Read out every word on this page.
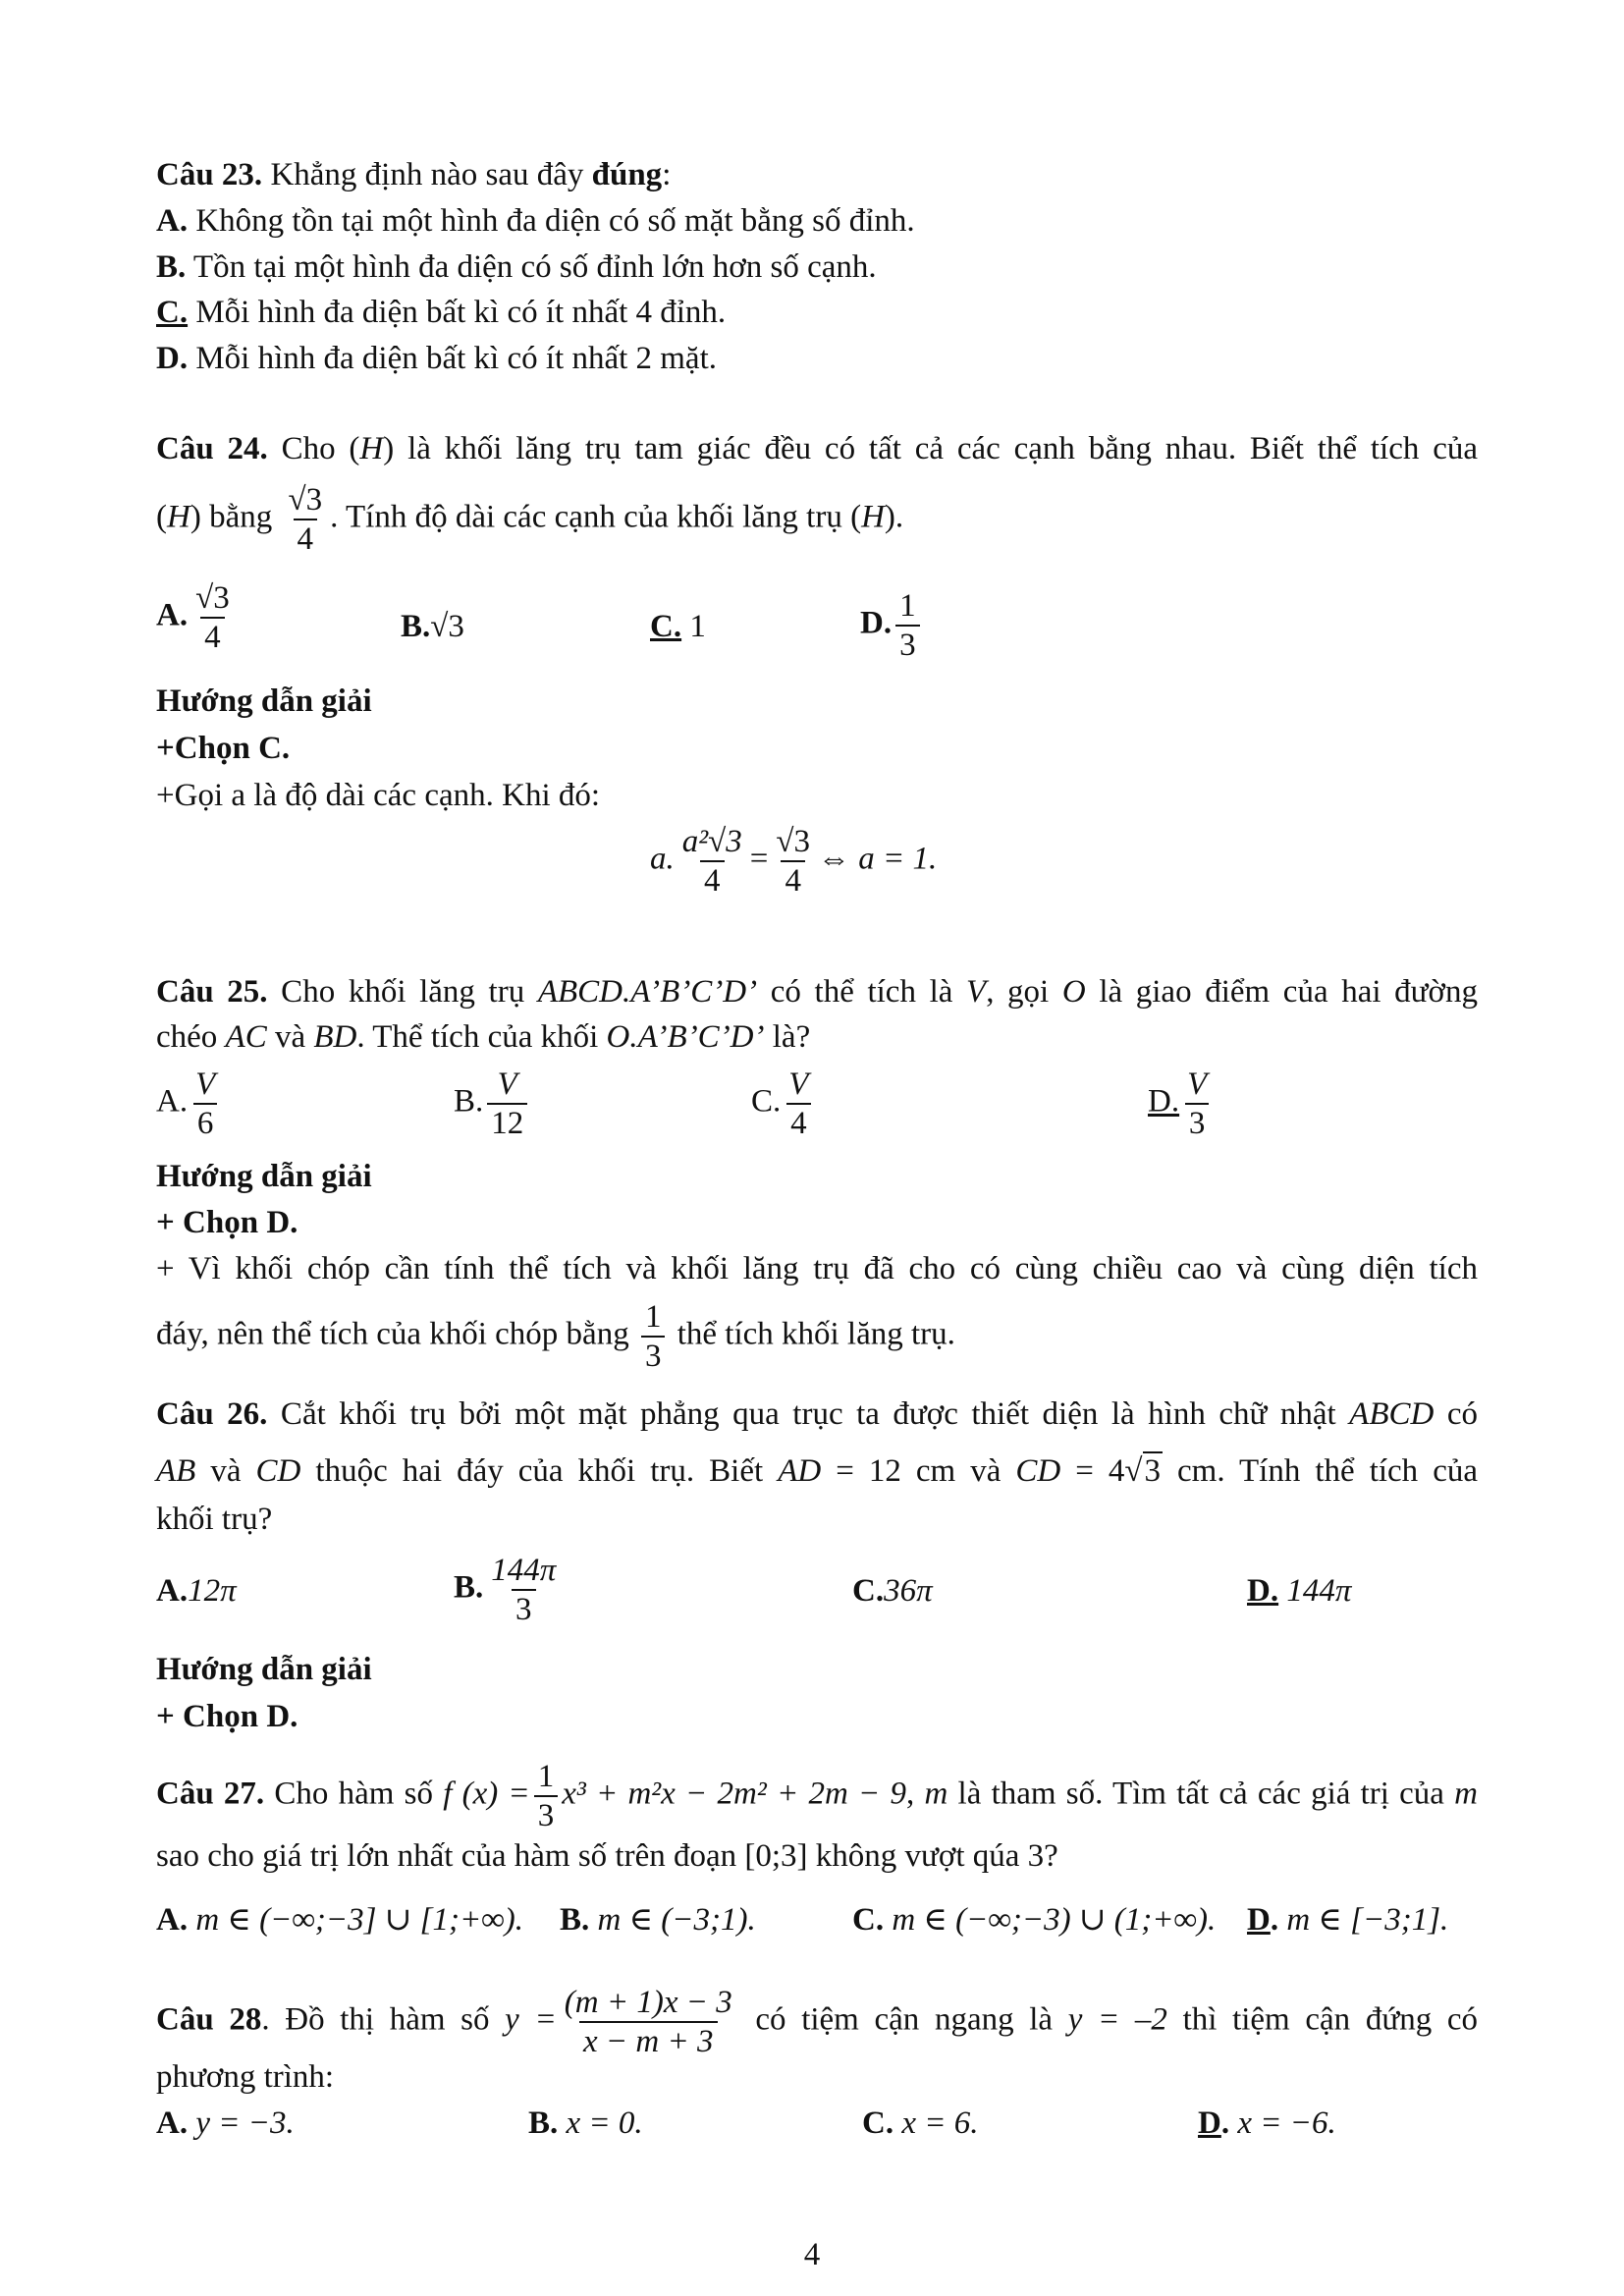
Câu 23. Khẳng định nào sau đây đúng:
A. Không tồn tại một hình đa diện có số mặt bằng số đỉnh.
B. Tồn tại một hình đa diện có số đỉnh lớn hơn số cạnh.
C. Mỗi hình đa diện bất kì có ít nhất 4 đỉnh.
D. Mỗi hình đa diện bất kì có ít nhất 2 mặt.
Câu 24. Cho (H) là khối lăng trụ tam giác đều có tất cả các cạnh bằng nhau. Biết thể tích của
(H) bằng $\frac{√3}{4}$ . Tính độ dài các cạnh của khối lăng trụ (H).
A. $\frac{√3}{4}$	B.√3	C. 1	D. $\frac{1}{3}$
Hướng dẫn giải
+Chọn C.
+Gọi a là độ dài các cạnh. Khi đó:
a. $\frac{\text{a²√3}}{4} = \frac{√3}{4}$ ⇔ a = 1.
Câu 25. Cho khối lăng trụ ABCD.A’B’C’D’ có thể tích là V, gọi O là giao điểm của hai đường
chéo AC và BD. Thể tích của khối O.A’B’C’D’ là?
A. $\frac{V}{6}$	B. $\frac{V}{12}$	C. $\frac{V}{4}$	D. $\frac{V}{3}$
Hướng dẫn giải
+ Chọn D.
+ Vì khối chóp cần tính thể tích và khối lăng trụ đã cho có cùng chiều cao và cùng diện tích
đáy, nên thể tích của khối chóp bằng $\frac{1}{3}$ thể tích khối lăng trụ.
Câu 26. Cắt khối trụ bởi một mặt phẳng qua trục ta được thiết diện là hình chữ nhật ABCD có
AB và CD thuộc hai đáy của khối trụ. Biết AD = 12 cm và CD = 4√3 cm. Tính thể tích của
khối trụ?
A.12π	B. $\frac{144\pi}{3}$	C.36π	D. 144π
Hướng dẫn giải
+ Chọn D.
Câu 27. Cho hàm số f $(x) = \frac{1}{3} x^3 + m^2x - 2m^2 + 2m - 9$, m là tham số. Tìm tất cả các giá trị của m
sao cho giá trị lớn nhất của hàm số trên đoạn [0;3] không vượt qúa 3?
A. m ∈ (−∞;−3] ∪ [1;+∞). B. m ∈ (−3;1).	C. m ∈ (−∞;−3) ∪ (1;+∞). D. m ∈ [−3;1].
Câu 28. Đồ thị hàm số $y = \frac{(m + 1)x - 3}{x - m + 3}$ có tiệm cận ngang là y = –2 thì tiệm cận đứng có
phương trình:
A. y = −3.	B. x = 0.	C. x = 6.	D. x = −6.
4
